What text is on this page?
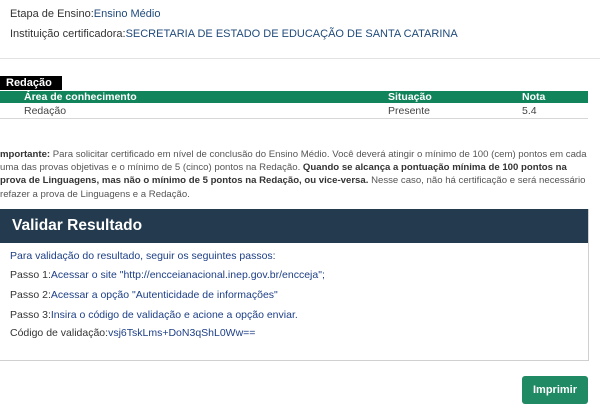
Etapa de Ensino:Ensino Médio
Instituição certificadora:SECRETARIA DE ESTADO DE EDUCAÇÃO DE SANTA CATARINA
Redação
Área de conhecimento	Situação	Nota
Redação	Presente	5.4
mportante: Para solicitar certificado em nível de conclusão do Ensino Médio. Você deverá atingir o mínimo de 100 (cem) pontos em cada uma das provas objetivas e o mínimo de 5 (cinco) pontos na Redação. Quando se alcança a pontuação mínima de 100 pontos na prova de Linguagens, mas não o mínimo de 5 pontos na Redação, ou vice-versa. Nesse caso, não há certificação e será necessário refazer a prova de Linguagens e a Redação.
Validar Resultado
Para validação do resultado, seguir os seguintes passos:
Passo 1:Acessar o site "http://encceianacional.inep.gov.br/encceja";
Passo 2:Acessar a opção "Autenticidade de informações"
Passo 3:Insira o código de validação e acione a opção enviar.
Código de validação:vsj6TskLms+DoN3qShL0Ww==
Imprimir
